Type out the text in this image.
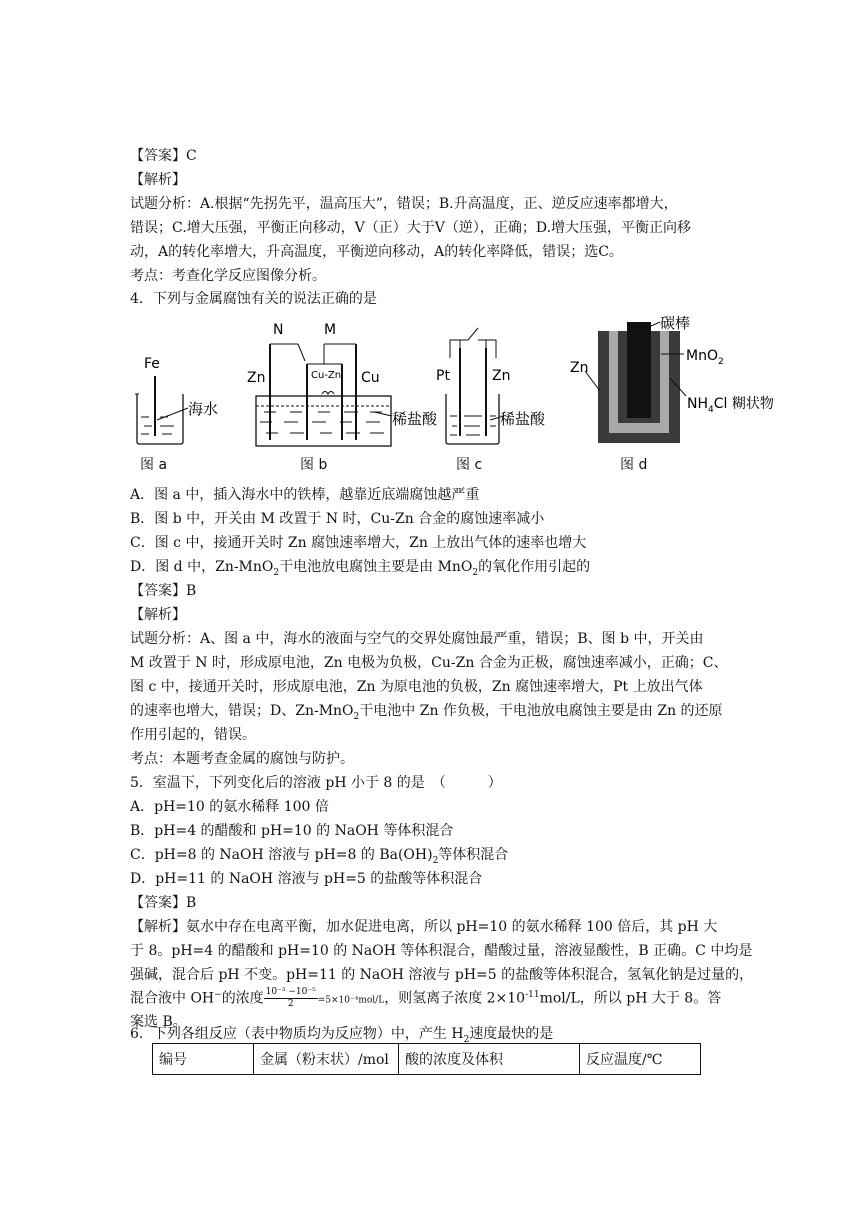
【答案】C
【解析】
试题分析：A.根据“先拐先平，温高压大”，错误；B.升高温度，正、逆反应速率都增大，
错误；C.增大压强，平衡正向移动，V（正）大于V（逆），正确；D.增大压强，平衡正向移
动，A的转化率增大，升高温度，平衡逆向移动，A的转化率降低，错误；选C。
考点：考查化学反应图像分析。
4．下列与金属腐蚀有关的说法正确的是
Fe
海水
N	M
Zn	Cu-Zn Cu
稀盐酸
Pt	Zn
稀盐酸
碳棒
Zn
MnO$_2$
$NH_4Cl$ 糊状物
图 a	图 b	图 c	图 d
A．图 a 中，插入海水中的铁棒，越靠近底端腐蚀越严重
B．图 b 中，开关由 M 改置于 N 时，Cu-Zn 合金的腐蚀速率减小
C．图 c 中，接通开关时 Zn 腐蚀速率增大，Zn 上放出气体的速率也增大
D．图 d 中，Zn-MnO$_2$干电池放电腐蚀主要是由 MnO$_2$的氧化作用引起的
【答案】B
【解析】
试题分析：A、图 a 中，海水的液面与空气的交界处腐蚀最严重，错误；B、图 b 中，开关由
M 改置于 N 时，形成原电池，Zn 电极为负极，Cu-Zn 合金为正极，腐蚀速率减小，正确；C、
图 c 中，接通开关时，形成原电池，Zn 为原电池的负极，Zn 腐蚀速率增大，Pt 上放出气体
的速率也增大，错误；D、Zn-MnO$_2$干电池中 Zn 作负极，干电池放电腐蚀主要是由 Zn 的还原
作用引起的，错误。
考点：本题考查金属的腐蚀与防护。
5．室温下，下列变化后的溶液 pH 小于 8 的是　（　　　）
A．pH=10 的氨水稀释 100 倍
B．pH=4 的醋酸和 pH=10 的 NaOH 等体积混合
C．pH=8 的 NaOH 溶液与 pH=8 的 $Ba(OH)_2$等体积混合
D．pH=11 的 NaOH 溶液与 pH=5 的盐酸等体积混合
【答案】B
【解析】氨水中存在电离平衡，加水促进电离，所以 pH=10 的氨水稀释 100 倍后，其 pH 大
于 8。pH=4 的醋酸和 pH=10 的 NaOH 等体积混合，醋酸过量，溶液显酸性，B 正确。C 中均是
强碱，混合后 pH 不变。pH=11 的 NaOH 溶液与 pH=5 的盐酸等体积混合，氢氧化钠是过量的，
混合液中 OH−的浓度 $\frac{\text{10⁻³ −10⁻⁵}}{2} =5\times 10^{-4}mol/L$，则氢离子浓度 $2\times 10^{-11}mol/L$，所以 pH 大于 8。答
案选 B。
6．下列各组反应（表中物质均为反应物）中，产生 $H_2$速度最快的是
编号	金属（粉末状）/mol	酸的浓度及体积	反应温度/℃
